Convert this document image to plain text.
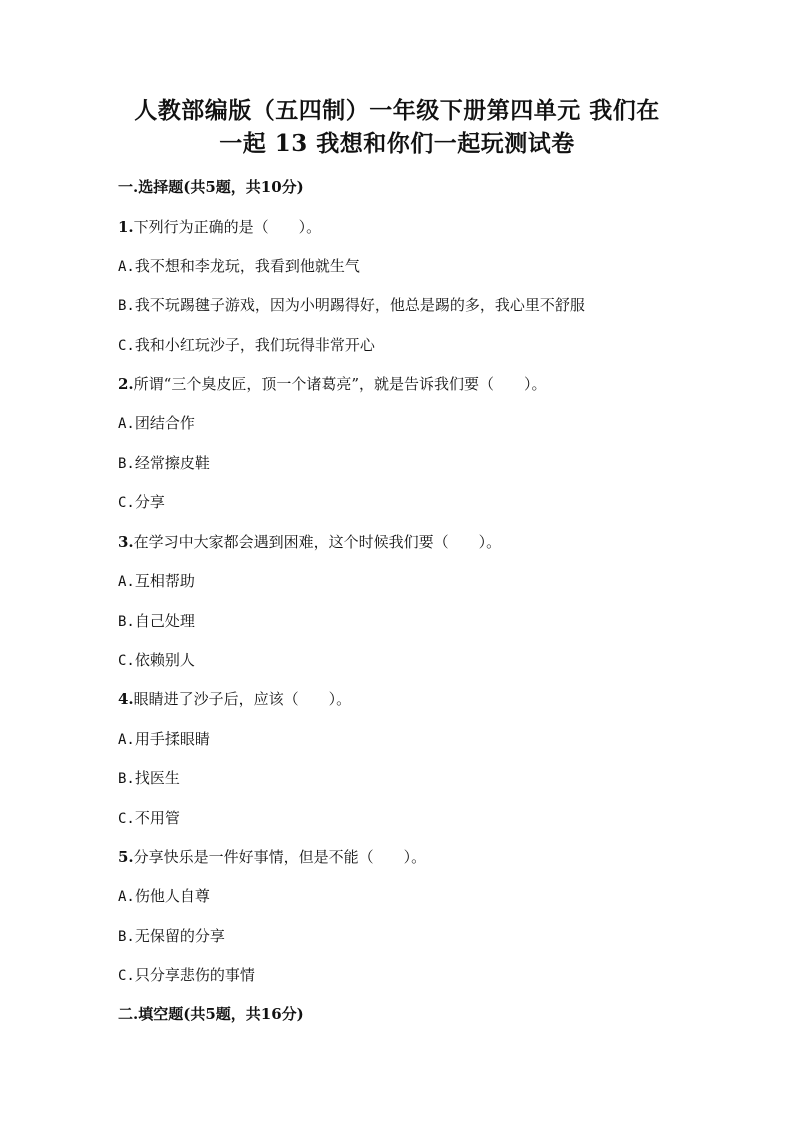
人教部编版（五四制）一年级下册第四单元 我们在
一起 13 我想和你们一起玩测试卷
一.选择题(共5题，共10分)
1.下列行为正确的是（　　）。
A.我不想和李龙玩，我看到他就生气
B.我不玩踢毽子游戏，因为小明踢得好，他总是踢的多，我心里不舒服
C.我和小红玩沙子，我们玩得非常开心
2.所谓“三个臭皮匠，顶一个诸葛亮”，就是告诉我们要（　　）。
A.团结合作
B.经常擦皮鞋
C.分享
3.在学习中大家都会遇到困难，这个时候我们要（　　）。
A.互相帮助
B.自己处理
C.依赖别人
4.眼睛进了沙子后，应该（　　）。
A.用手揉眼睛
B.找医生
C.不用管
5.分享快乐是一件好事情，但是不能（　　）。
A.伤他人自尊
B.无保留的分享
C.只分享悲伤的事情
二.填空题(共5题，共16分)
